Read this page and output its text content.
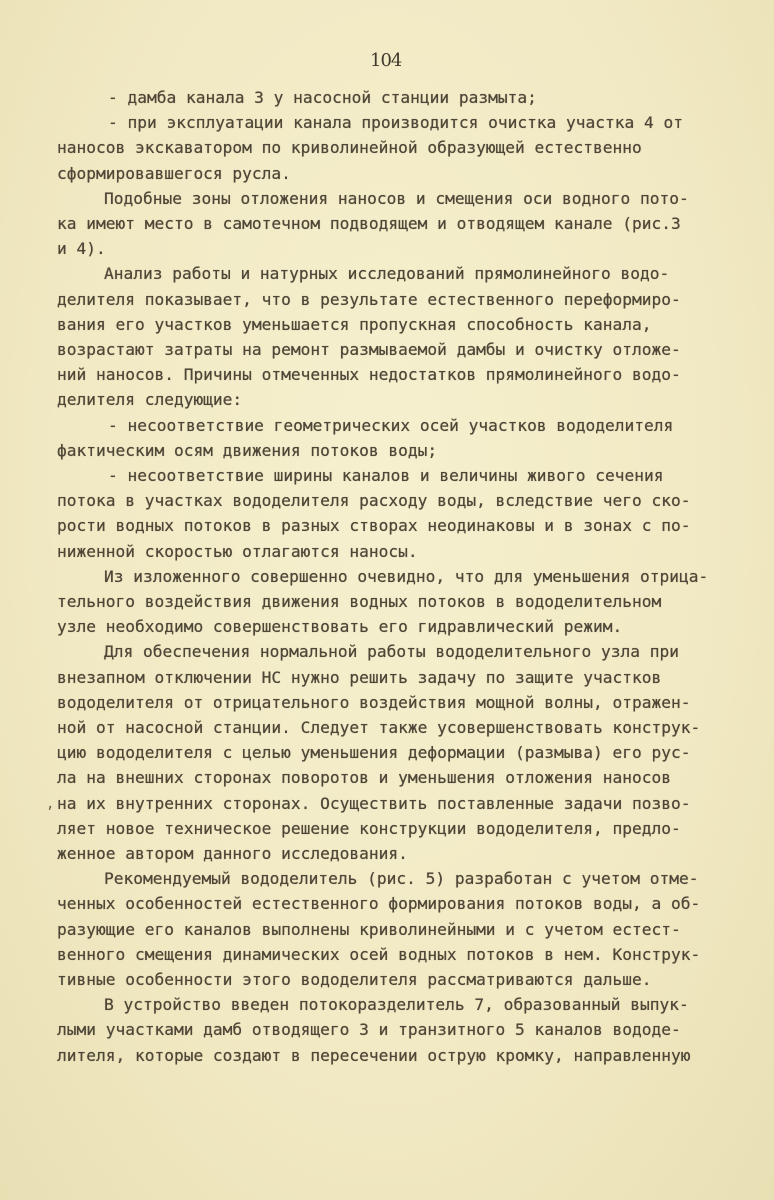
104
- дамба канала 3 у насосной станции размыта;
- при эксплуатации канала производится очистка участка 4 от
наносов экскаватором по криволинейной образующей естественно
сформировавшегося русла.
Подобные зоны отложения наносов и смещения оси водного пото-
ка имеют место в самотечном подводящем и отводящем канале (рис.3
и 4).
Анализ работы и натурных исследований прямолинейного водо-
делителя показывает, что в результате естественного переформиро-
вания его участков уменьшается пропускная способность канала,
возрастают затраты на ремонт размываемой дамбы и очистку отложе-
ний наносов. Причины отмеченных недостатков прямолинейного водо-
делителя следующие:
- несоответствие геометрических осей участков вододелителя
фактическим осям движения потоков воды;
- несоответствие ширины каналов и величины живого сечения
потока в участках вододелителя расходу воды, вследствие чего ско-
рости водных потоков в разных створах неодинаковы и в зонах с по-
ниженной скоростью отлагаются наносы.
Из изложенного совершенно очевидно, что для уменьшения отрица-
тельного воздействия движения водных потоков в вододелительном
узле необходимо совершенствовать его гидравлический режим.
Для обеспечения нормальной работы вододелительного узла при
внезапном отключении НС нужно решить задачу по защите участков
вододелителя от отрицательного воздействия мощной волны, отражен-
ной от насосной станции. Следует также усовершенствовать конструк-
цию вододелителя с целью уменьшения деформации (размыва) его рус-
ла на внешних сторонах поворотов и уменьшения отложения наносов
на их внутренних сторонах. Осуществить поставленные задачи позво-
ляет новое техническое решение конструкции вододелителя, предло-
женное автором данного исследования.
Рекомендуемый вододелитель (рис. 5) разработан с учетом отме-
ченных особенностей естественного формирования потоков воды, а об-
разующие его каналов выполнены криволинейными и с учетом естест-
венного смещения динамических осей водных потоков в нем. Конструк-
тивные особенности этого вододелителя рассматриваются дальше.
В устройство введен потокоразделитель 7, образованный выпук-
лыми участками дамб отводящего 3 и транзитного 5 каналов вододе-
лителя, которые создают в пересечении острую кромку, направленную
,
